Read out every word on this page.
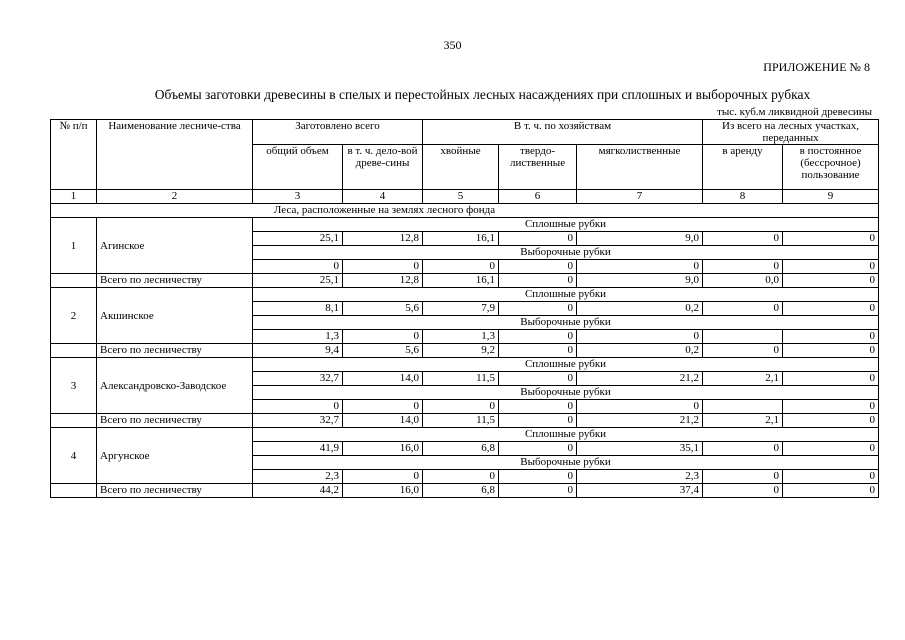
350
ПРИЛОЖЕНИЕ № 8
Объемы заготовки древесины в спелых и перестойных лесных насаждениях при сплошных и выборочных рубках
тыс. куб.м ликвидной древесины
№ п/п	Наименование лесниче-ства	Заготовлено всего		В т. ч. по хозяйствам			Из всего на лесных участках, переданных	
		общий объем	в т. ч. дело-вой древе-сины	хвойные	твердо-лиственные	мягколиственные	в аренду	в постоянное (бессрочное) пользование
1	2	3	4	5	6	7	8	9
Леса, расположенные на землях лесного фонда								
1	Агинское	Сплошные рубки						
		25,1	12,8	16,1	0	9,0	0	0
		Выборочные рубки						
		0	0	0	0	0	0	0
	Всего по лесничеству	25,1	12,8	16,1	0	9,0	0,0	0
2	Акшинское	Сплошные рубки						
		8,1	5,6	7,9	0	0,2	0	0
		Выборочные рубки						
		1,3	0	1,3	0	0		0
	Всего по лесничеству	9,4	5,6	9,2	0	0,2	0	0
3	Александровско-Заводское	Сплошные рубки						
		32,7	14,0	11,5	0	21,2	2,1	0
		Выборочные рубки						
		0	0	0	0	0		0
	Всего по лесничеству	32,7	14,0	11,5	0	21,2	2,1	0
4	Аргунское	Сплошные рубки						
		41,9	16,0	6,8	0	35,1	0	0
		Выборочные рубки						
		2,3	0	0	0	2,3	0	0
	Всего по лесничеству	44,2	16,0	6,8	0	37,4	0	0
